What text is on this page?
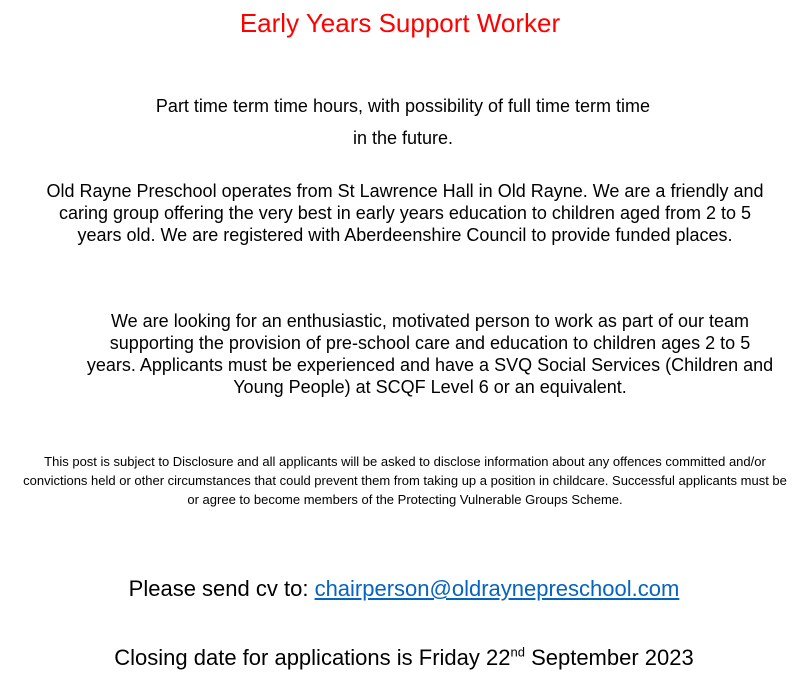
Early Years Support Worker

Part time term time hours, with possibility of full time term time

in the future.

Old Rayne Preschool operates from St Lawrence Hall in Old Rayne. We are a friendly and caring group offering the very best in early years education to children aged from 2 to 5 years old. We are registered with Aberdeenshire Council to provide funded places.

We are looking for an enthusiastic, motivated person to work as part of our team supporting the provision of pre-school care and education to children ages 2 to 5 years. Applicants must be experienced and have a SVQ Social Services (Children and Young People) at SCQF Level 6 or an equivalent.

This post is subject to Disclosure and all applicants will be asked to disclose information about any offences committed and/or convictions held or other circumstances that could prevent them from taking up a position in childcare. Successful applicants must be or agree to become members of the Protecting Vulnerable Groups Scheme.

Please send cv to: chairperson@oldraynepreschool.com
Closing date for applications is Friday 22nd September 2023
